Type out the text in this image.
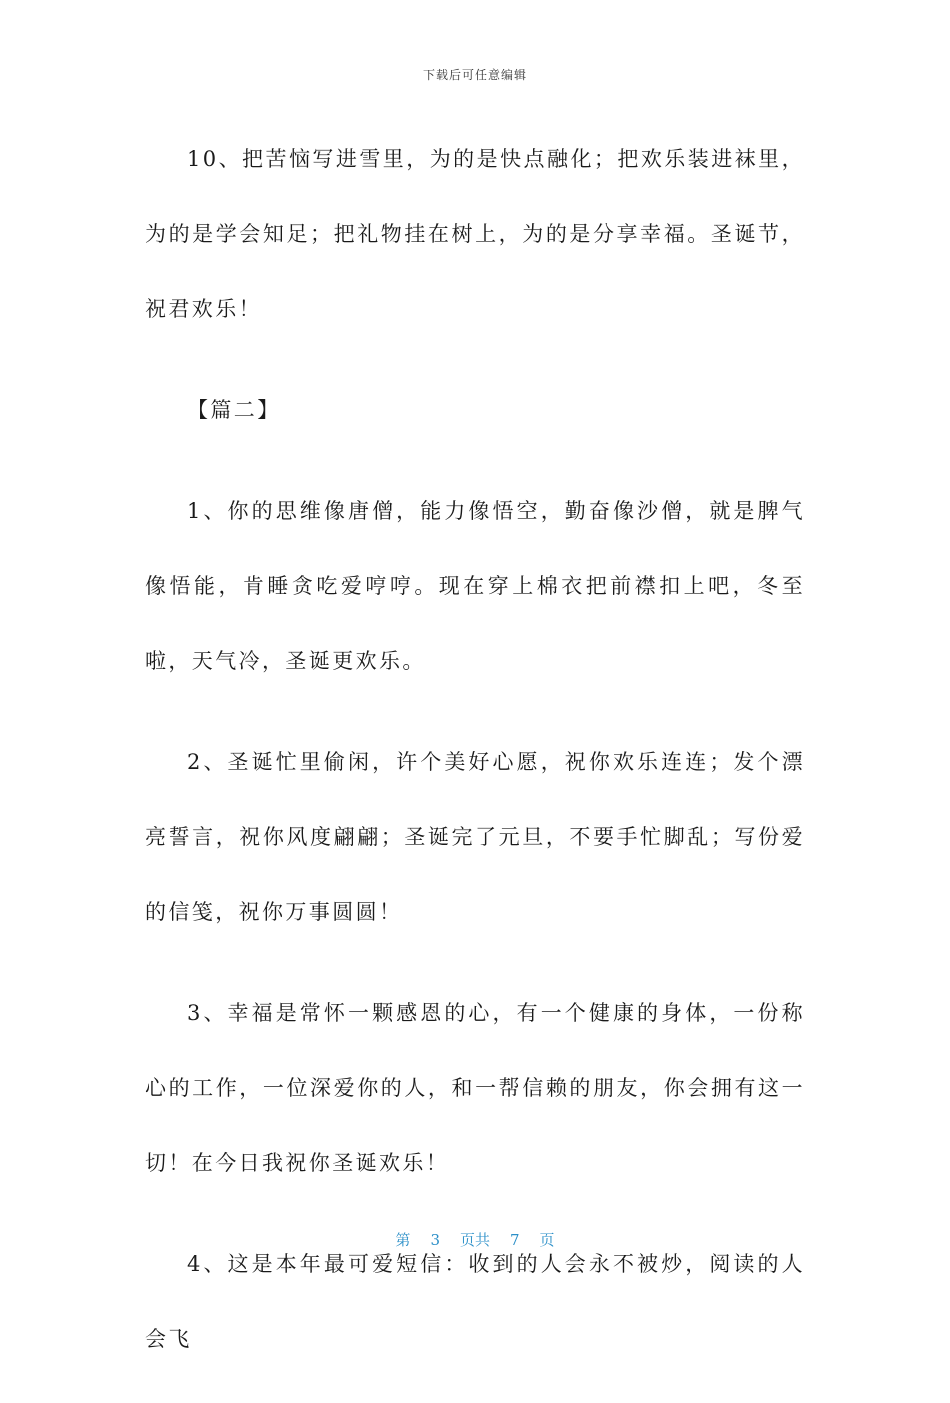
下载后可任意编辑

10、把苦恼写进雪里，为的是快点融化；把欢乐装进袜里，为的是学会知足；把礼物挂在树上，为的是分享幸福。圣诞节，祝君欢乐！

【篇二】

1、你的思维像唐僧，能力像悟空，勤奋像沙僧，就是脾气像悟能，肯睡贪吃爱哼哼。现在穿上棉衣把前襟扣上吧，冬至啦，天气冷，圣诞更欢乐。

2、圣诞忙里偷闲，许个美好心愿，祝你欢乐连连；发个漂亮誓言，祝你风度翩翩；圣诞完了元旦，不要手忙脚乱；写份爱的信笺，祝你万事圆圆！

3、幸福是常怀一颗感恩的心，有一个健康的身体，一份称心的工作，一位深爱你的人，和一帮信赖的朋友，你会拥有这一切！在今日我祝你圣诞欢乐！

4、这是本年最可爱短信：收到的人会永不被炒，阅读的人会飞

第 3 页共 7 页
